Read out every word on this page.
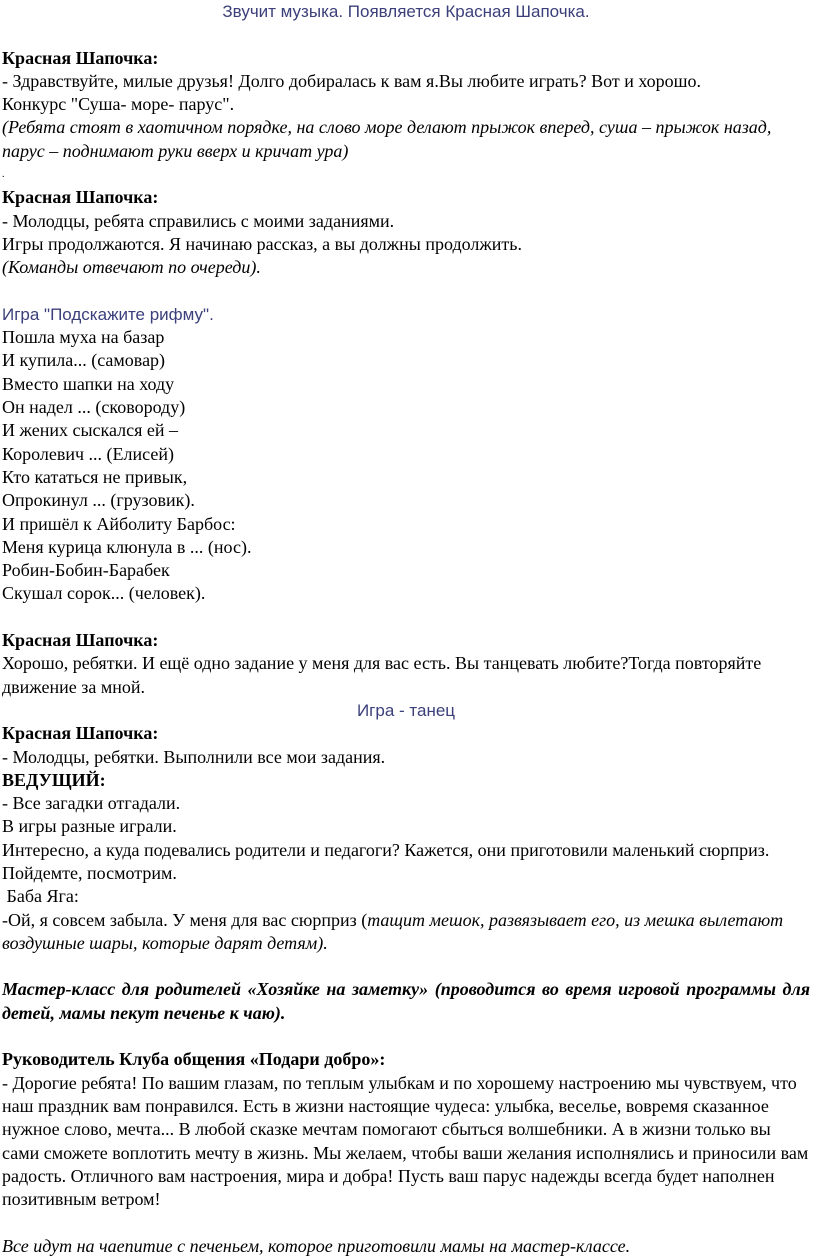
Звучит музыка. Появляется Красная Шапочка.

Красная Шапочка:

- Здравствуйте, милые друзья! Долго добиралась к вам я.Вы любите играть? Вот и хорошо.

Конкурс "Суша- море- парус".

(Ребята стоят в хаотичном порядке, на слово море делают прыжок вперед, суша – прыжок назад, парус – поднимают руки вверх и кричат ура)

.

Красная Шапочка:

- Молодцы, ребята справились с моими заданиями.

Игры продолжаются. Я начинаю рассказ, а вы должны продолжить.

(Команды отвечают по очереди).

Игра "Подскажите рифму".

Пошла муха на базар

И купила... (самовар)

Вместо шапки на ходу

Он надел ... (сковороду)

И жених сыскался ей –

Королевич ... (Елисей)

Кто кататься не привык,

Опрокинул ... (грузовик).

И пришёл к Айболиту Барбос:

Меня курица клюнула в ... (нос).

Робин-Бобин-Барабек

Скушал сорок... (человек).

Красная Шапочка:

Хорошо, ребятки. И ещё одно задание у меня для вас есть. Вы танцевать любите?Тогда повторяйте движение за мной.

Игра - танец

Красная Шапочка:

- Молодцы, ребятки. Выполнили все мои задания.

ВЕДУЩИЙ:

- Все загадки отгадали.

В игры разные играли.

Интересно, а куда подевались родители и педагоги? Кажется, они приготовили маленький сюрприз. Пойдемте, посмотрим.

Баба Яга:

-Ой, я совсем забыла. У меня для вас сюрприз (тащит мешок, развязывает его, из мешка вылетают воздушные шары, которые дарят детям).

Мастер-класс для родителей «Хозяйке на заметку» (проводится во время игровой программы для детей, мамы пекут печенье к чаю).

Руководитель Клуба общения «Подари добро»:

- Дорогие ребята! По вашим глазам, по теплым улыбкам и по хорошему настроению мы чувствуем, что наш праздник вам понравился. Есть в жизни настоящие чудеса: улыбка, веселье, вовремя сказанное нужное слово, мечта... В любой сказке мечтам помогают сбыться волшебники. А в жизни только вы сами сможете воплотить мечту в жизнь. Мы желаем, чтобы ваши желания исполнялись и приносили вам радость. Отличного вам настроения, мира и добра! Пусть ваш парус надежды всегда будет наполнен позитивным ветром!

Все идут на чаепитие с печеньем, которое приготовили мамы на мастер-классе.
